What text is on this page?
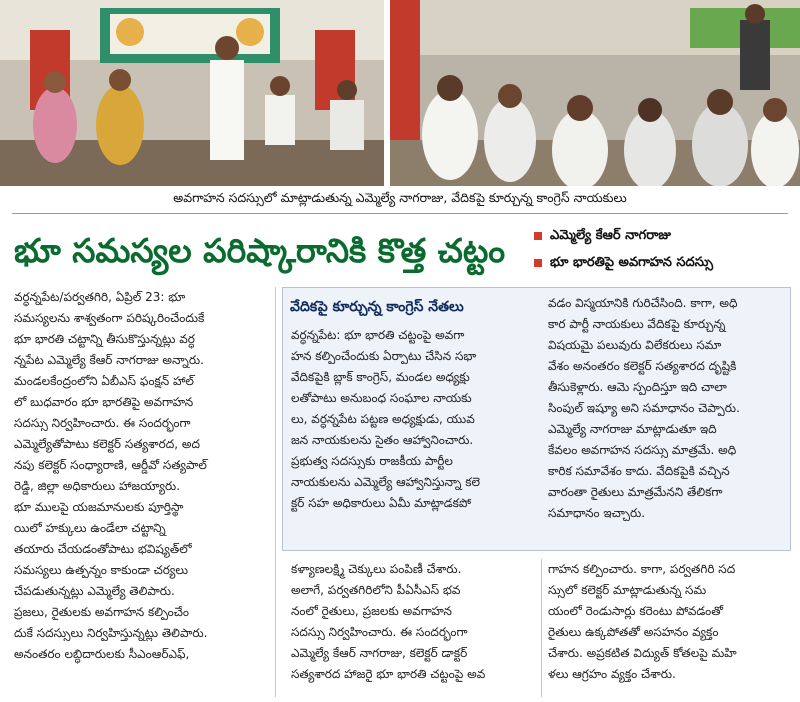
అవగాహన సదస్సులో మాట్లాడుతున్న ఎమ్మెల్యే నాగరాజు, వేదికపై కూర్చున్న కాంగ్రెస్ నాయకులు
భూ సమస్యల పరిష్కారానికి కొత్త చట్టం	ఎమ్మెల్యే కేఆర్ నాగరాజు
భూ భారతిపై అవగాహన సదస్సు

వర్ధన్నపేట/పర్వతగిరి, ఏప్రిల్ 23: భూ

సమస్యలను శాశ్వతంగా పరిష్కరించేందుకే

భూ భారతి చట్టాన్ని తీసుకొస్తున్నట్లు వర్ధ

న్నపేట ఎమ్మెల్యే కేఆర్ నాగరాజు అన్నారు.

మండలకేంద్రంలోని ఏబీఎస్ ఫంక్షన్ హాల్

లో బుధవారం భూ భారతిపై అవగాహన

సదస్సు నిర్వహించారు. ఈ సందర్భంగా

ఎమ్మెల్యేతోపాటు కలెక్టర్ సత్యశారద, అద

నపు కలెక్టర్ సంధ్యారాణి, ఆర్డీవో సత్యపాల్

రెడ్డి, జిల్లా అధికారులు హాజయ్యారు.

భూ ములపై యజమానులకు పూర్తిస్థా

యిలో హక్కులు ఉండేలా చట్టాన్ని

తయారు చేయడంతోపాటు భవిష్యత్‌లో

సమస్యలు ఉత్పన్నం కాకుండా చర్యలు

చేపడుతున్నట్లు ఎమ్మెల్యే తెలిపారు.

ప్రజలు, రైతులకు అవగాహన కల్పించేం

దుకే సదస్సులు నిర్వహిస్తున్నట్లు తెలిపారు.

అనంతరం లబ్ధిదారులకు సీఎంఆర్ఎఫ్,

వేదికపై కూర్చున్న కాంగ్రెస్ నేతలు

వర్ధన్నపేట: భూ భారతి చట్టంపై అవగా

హన కల్పించేందుకు ఏర్పాటు చేసిన సభా

వేదికపైకి బ్లాక్ కాంగ్రెస్, మండల అధ్యక్షు

లతోపాటు అనుబంధ సంఘాల నాయకు

లు, వర్ధన్నపేట పట్టణ అధ్యక్షుడు, యువ

జన నాయకులను సైతం ఆహ్వానించారు.

ప్రభుత్వ సదస్సుకు రాజకీయ పార్టీల

నాయకులను ఎమ్మెల్యే ఆహ్వానిస్తున్నా కలె

క్టర్ సహ అధికారులు ఏమీ మాట్లాడకపో

వడం విస్మయానికి గురిచేసింది. కాగా, అధి

కార పార్టీ నాయకులు వేదికపై కూర్చున్న

విషయమై పలువురు విలేకరులు సమా

వేశం అనంతరం కలెక్టర్ సత్యశారద దృష్టికి

తీసుకెళ్లారు. ఆమె స్పందిస్తూ ఇది చాలా

సింపుల్ ఇష్యూ అని సమాధానం చెప్పారు.

ఎమ్మెల్యే నాగరాజు మాట్లాడుతూ ఇది

కేవలం అవగాహన సదస్సు మాత్రమే. అధి

కారిక సమావేశం కాదు. వేదికపైకి వచ్చిన

వారంతా రైతులు మాత్రమేనని తేలికగా

సమాధానం ఇచ్చారు.

కళ్యాణలక్ష్మి చెక్కులు పంపిణీ చేశారు.

అలాగే, పర్వతగిరిలోని పీఏసీఎస్ భవ

నంలో రైతులు, ప్రజలకు అవగాహన

సదస్సు నిర్వహించారు. ఈ సందర్భంగా

ఎమ్మెల్యే కేఆర్ నాగరాజు, కలెక్టర్ డాక్టర్

సత్యశారద హాజరై భూ భారతి చట్టంపై అవ

గాహన కల్పించారు. కాగా, పర్వతగిరి సద

స్సులో కలెక్టర్ మాట్లాడుతున్న సమ

యంలో రెండుసార్లు కరెంటు పోవడంతో

రైతులు ఉక్కపోతతో అసహనం వ్యక్తం

చేశారు. అప్రకటిత విద్యుత్ కోతలపై మహి

ళలు ఆగ్రహం వ్యక్తం చేశారు.
